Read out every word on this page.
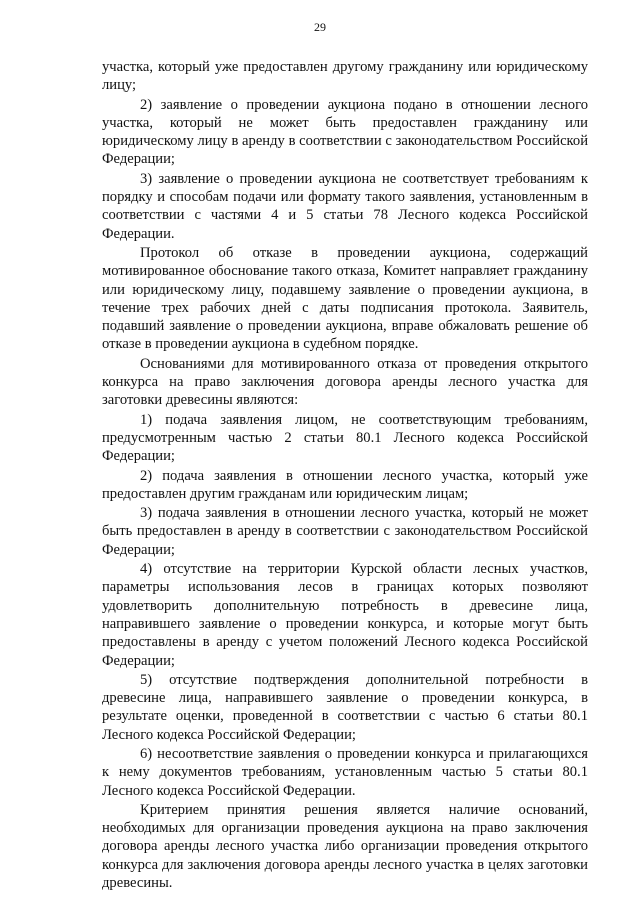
29

участка, который уже предоставлен другому гражданину или юридическому лицу;

2) заявление о проведении аукциона подано в отношении лесного участка, который не может быть предоставлен гражданину или юридическому лицу в аренду в соответствии с законодательством Российской Федерации;

3) заявление о проведении аукциона не соответствует требованиям к порядку и способам подачи или формату такого заявления, установленным в соответствии с частями 4 и 5 статьи 78 Лесного кодекса Российской Федерации.

Протокол об отказе в проведении аукциона, содержащий мотивированное обоснование такого отказа, Комитет направляет гражданину или юридическому лицу, подавшему заявление о проведении аукциона, в течение трех рабочих дней с даты подписания протокола. Заявитель, подавший заявление о проведении аукциона, вправе обжаловать решение об отказе в проведении аукциона в судебном порядке.

Основаниями для мотивированного отказа от проведения открытого конкурса на право заключения договора аренды лесного участка для заготовки древесины являются:

1) подача заявления лицом, не соответствующим требованиям, предусмотренным частью 2 статьи 80.1 Лесного кодекса Российской Федерации;

2) подача заявления в отношении лесного участка, который уже предоставлен другим гражданам или юридическим лицам;

3) подача заявления в отношении лесного участка, который не может быть предоставлен в аренду в соответствии с законодательством Российской Федерации;

4) отсутствие на территории Курской области лесных участков, параметры использования лесов в границах которых позволяют удовлетворить дополнительную потребность в древесине лица, направившего заявление о проведении конкурса, и которые могут быть предоставлены в аренду с учетом положений Лесного кодекса Российской Федерации;

5) отсутствие подтверждения дополнительной потребности в древесине лица, направившего заявление о проведении конкурса, в результате оценки, проведенной в соответствии с частью 6 статьи 80.1 Лесного кодекса Российской Федерации;

6) несоответствие заявления о проведении конкурса и прилагающихся к нему документов требованиям, установленным частью 5 статьи 80.1 Лесного кодекса Российской Федерации.

Критерием принятия решения является наличие оснований, необходимых для организации проведения аукциона на право заключения договора аренды лесного участка либо организации проведения открытого конкурса для заключения договора аренды лесного участка в целях заготовки древесины.
